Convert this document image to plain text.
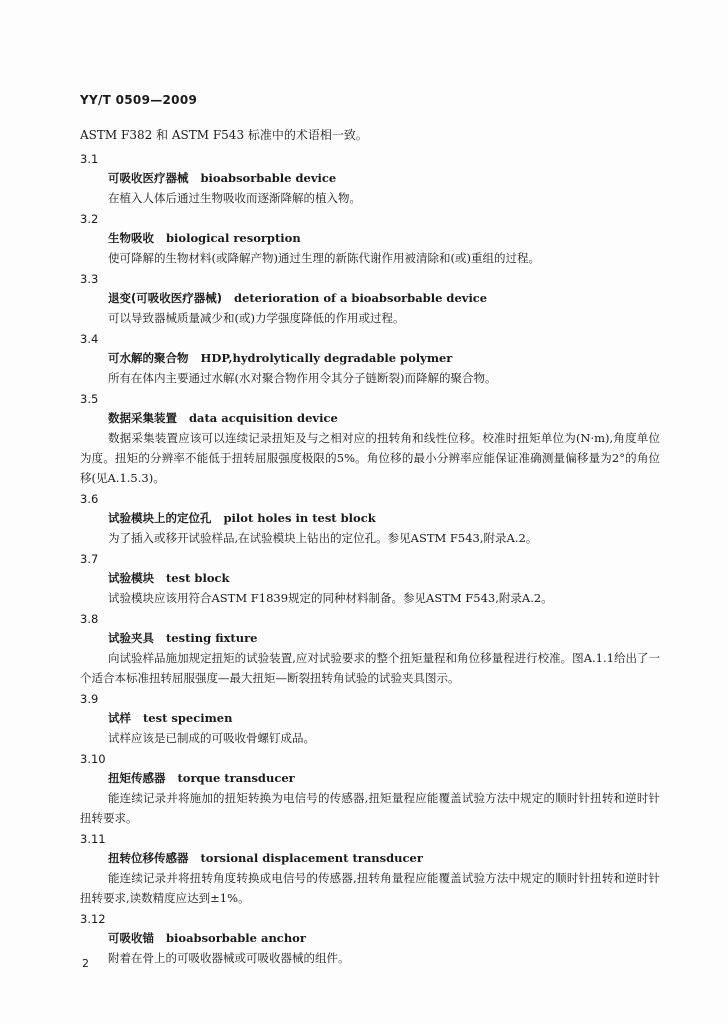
YY/T 0509—2009
ASTM F382 和 ASTM F543 标准中的术语相一致。
3.1
可吸收医疗器械 bioabsorbable device
在植入人体后通过生物吸收而逐渐降解的植入物。
3.2
生物吸收 biological resorption
使可降解的生物材料(或降解产物)通过生理的新陈代谢作用被清除和(或)重组的过程。
3.3
退变(可吸收医疗器械) deterioration of a bioabsorbable device
可以导致器械质量减少和(或)力学强度降低的作用或过程。
3.4
可水解的聚合物 HDP,hydrolytically degradable polymer
所有在体内主要通过水解(水对聚合物作用令其分子链断裂)而降解的聚合物。
3.5
数据采集装置 data acquisition device
数据采集装置应该可以连续记录扭矩及与之相对应的扭转角和线性位移。校准时扭矩单位为(N·m),角度单位为度。扭矩的分辨率不能低于扭转屈服强度极限的5%。角位移的最小分辨率应能保证准确测量偏移量为2°的角位移(见A.1.5.3)。
3.6
试验模块上的定位孔 pilot holes in test block
为了插入或移开试验样品,在试验模块上钻出的定位孔。参见ASTM F543,附录A.2。
3.7
试验模块 test block
试验模块应该用符合ASTM F1839规定的同种材料制备。参见ASTM F543,附录A.2。
3.8
试验夹具 testing fixture
向试验样品施加规定扭矩的试验装置,应对试验要求的整个扭矩量程和角位移量程进行校准。图A.1.1给出了一个适合本标准扭转屈服强度—最大扭矩—断裂扭转角试验的试验夹具图示。
3.9
试样 test specimen
试样应该是已制成的可吸收骨螺钉成品。
3.10
扭矩传感器 torque transducer
能连续记录并将施加的扭矩转换为电信号的传感器,扭矩量程应能覆盖试验方法中规定的顺时针扭转和逆时针扭转要求。
3.11
扭转位移传感器 torsional displacement transducer
能连续记录并将扭转角度转换成电信号的传感器,扭转角量程应能覆盖试验方法中规定的顺时针扭转和逆时针扭转要求,读数精度应达到±1%。
3.12
可吸收锚 bioabsorbable anchor
附着在骨上的可吸收器械或可吸收器械的组件。
2
